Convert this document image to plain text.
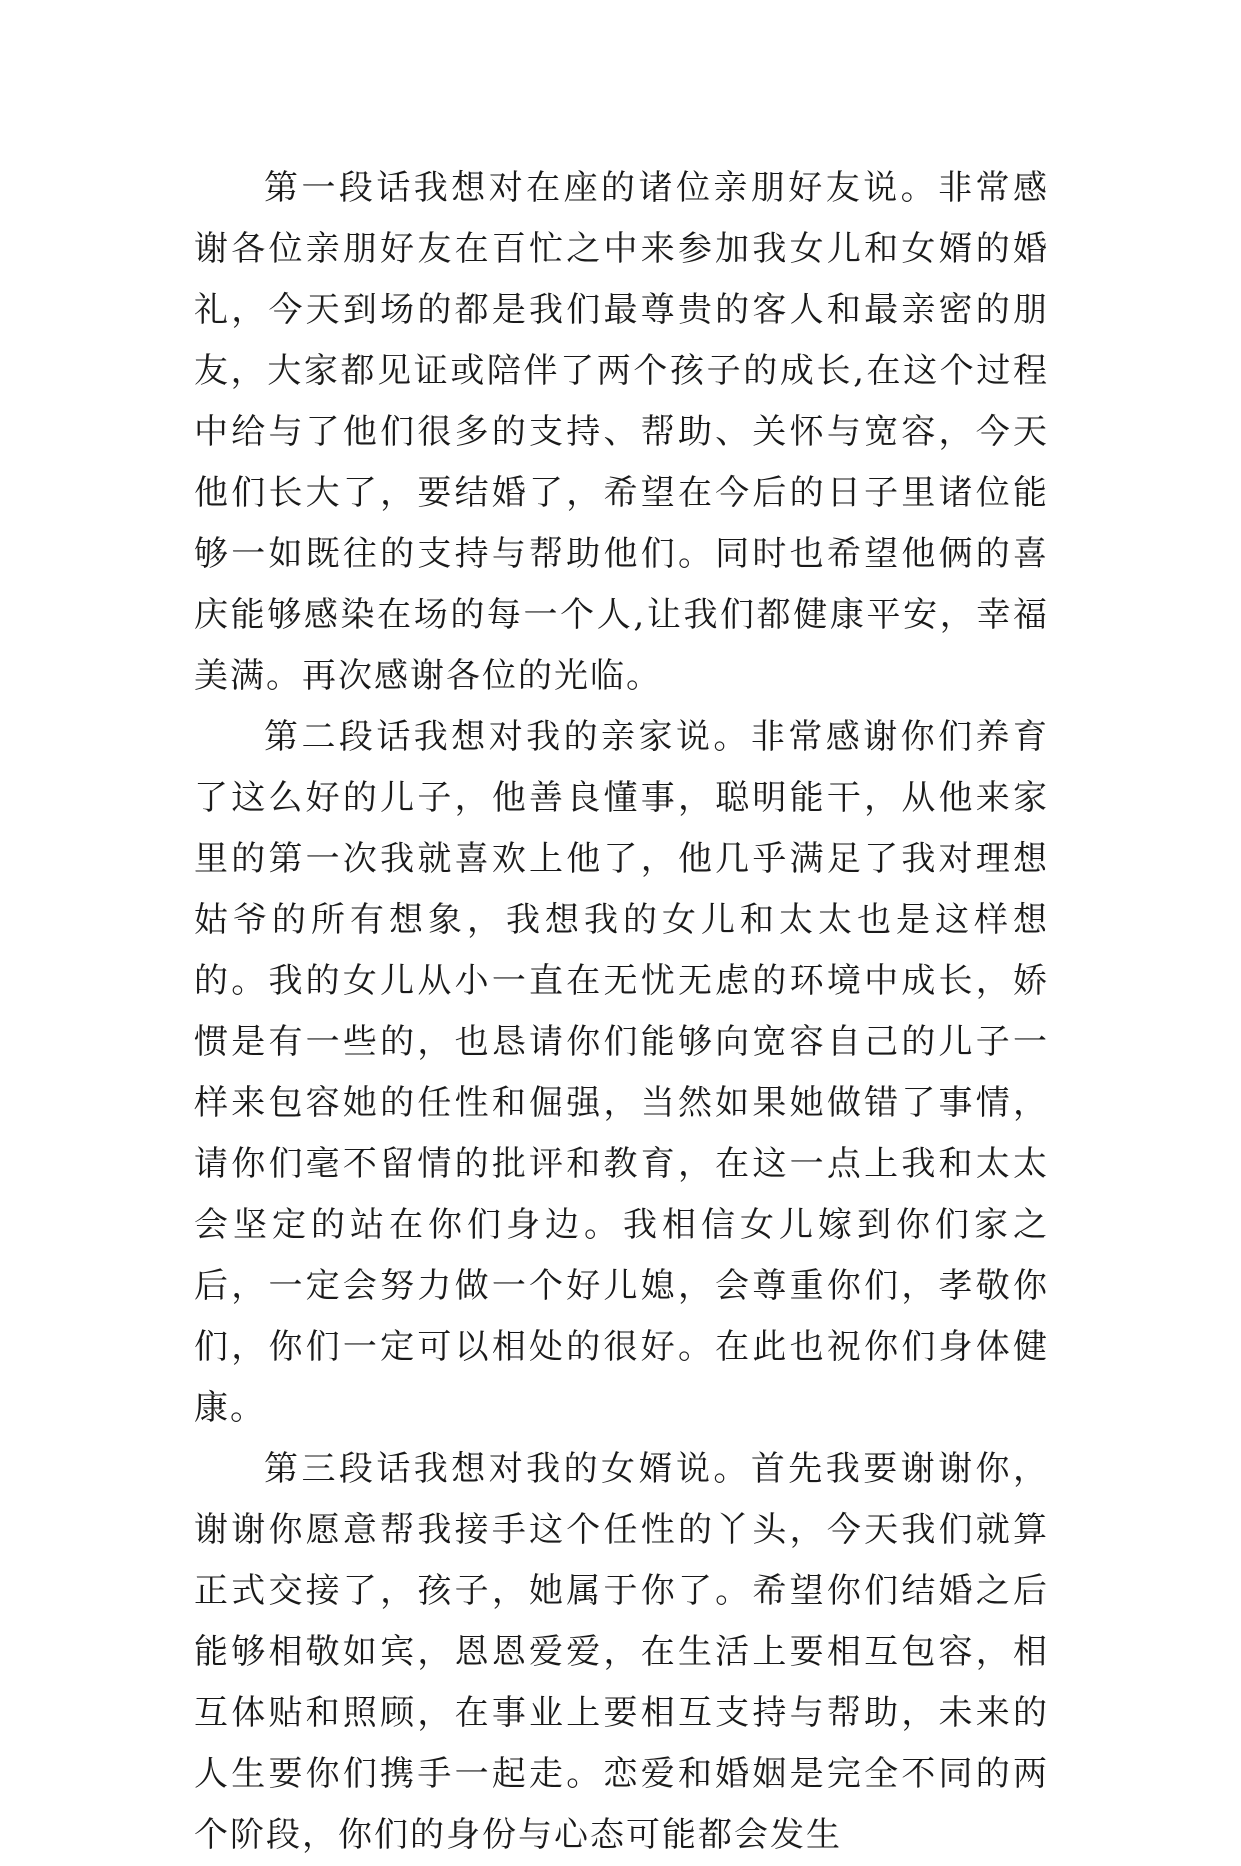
第一段话我想对在座的诸位亲朋好友说。非常感谢各位亲朋好友在百忙之中来参加我女儿和女婿的婚礼，今天到场的都是我们最尊贵的客人和最亲密的朋友，大家都见证或陪伴了两个孩子的成长,在这个过程中给与了他们很多的支持、帮助、关怀与宽容，今天他们长大了，要结婚了，希望在今后的日子里诸位能够一如既往的支持与帮助他们。同时也希望他俩的喜庆能够感染在场的每一个人,让我们都健康平安，幸福美满。再次感谢各位的光临。

第二段话我想对我的亲家说。非常感谢你们养育了这么好的儿子，他善良懂事，聪明能干，从他来家里的第一次我就喜欢上他了，他几乎满足了我对理想姑爷的所有想象，我想我的女儿和太太也是这样想的。我的女儿从小一直在无忧无虑的环境中成长，娇惯是有一些的，也恳请你们能够向宽容自己的儿子一样来包容她的任性和倔强，当然如果她做错了事情，请你们毫不留情的批评和教育，在这一点上我和太太会坚定的站在你们身边。我相信女儿嫁到你们家之后，一定会努力做一个好儿媳，会尊重你们，孝敬你们，你们一定可以相处的很好。在此也祝你们身体健康。

第三段话我想对我的女婿说。首先我要谢谢你，谢谢你愿意帮我接手这个任性的丫头，今天我们就算正式交接了，孩子，她属于你了。希望你们结婚之后能够相敬如宾，恩恩爱爱，在生活上要相互包容，相互体贴和照顾，在事业上要相互支持与帮助，未来的人生要你们携手一起走。恋爱和婚姻是完全不同的两个阶段，你们的身份与心态可能都会发生
